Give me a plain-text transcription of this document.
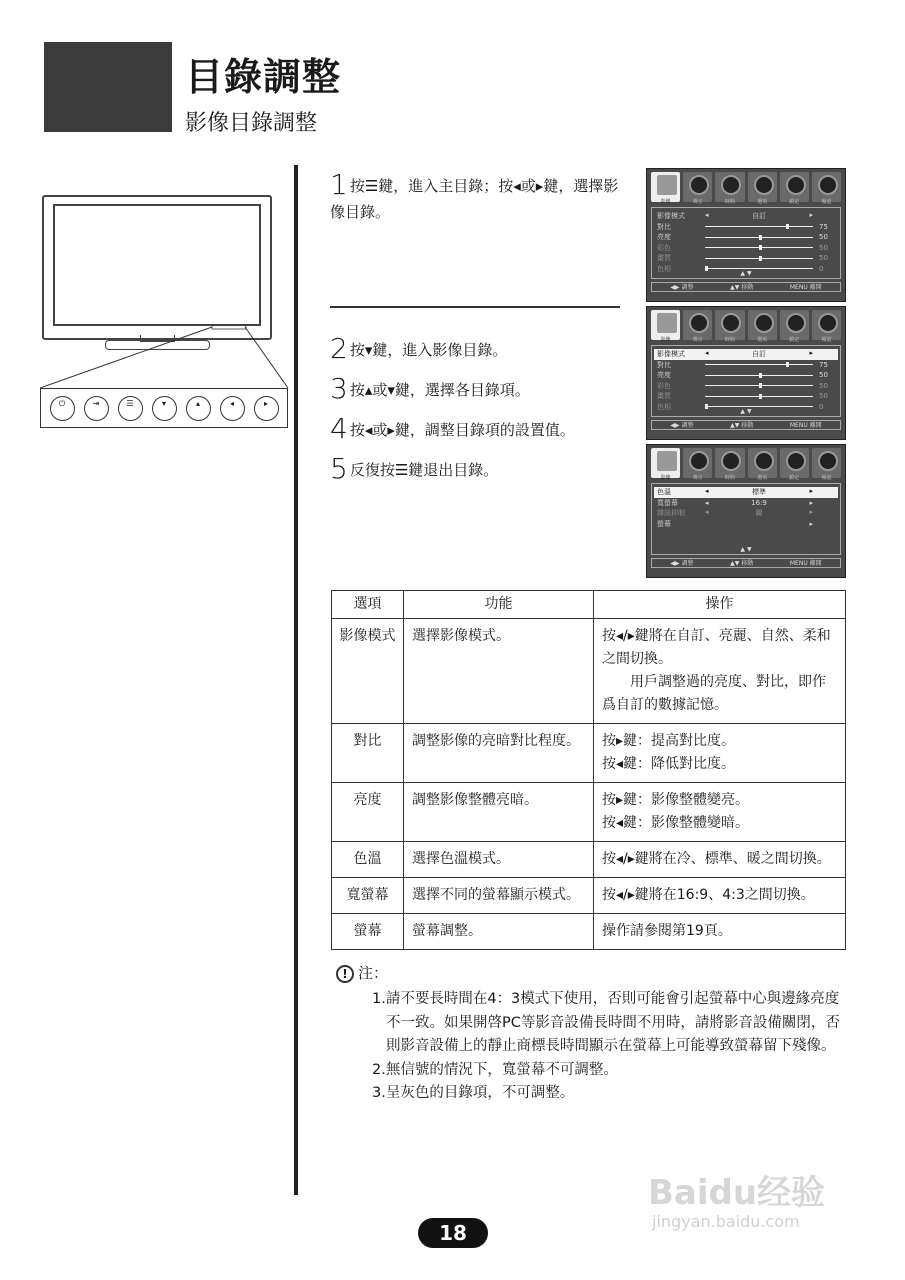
目錄調整
影像目錄調整
⏻	⇥	☰	▾	▴	◂	▸
1 按☰鍵，進入主目錄；按◂或▸鍵，選擇影像目錄。
2 按▾鍵，進入影像目錄。
3 按▴或▾鍵，選擇各目錄項。
4 按◂或▸鍵，調整目錄項的設置值。
5 反復按☰鍵退出目錄。
影像	聲音	時間	選項	鎖定	頻道
影像模式	◂	自訂	▸
對比	75
亮度	50
彩色	50
畫質	50
色相	0
▲ ▼
◀▶ 調整	▲▼ 移動	MENU 離開
影像	聲音	時間	選項	鎖定	頻道
影像模式	◂	自訂	▸
對比	75
亮度	50
彩色	50
畫質	50
色相	0
▲ ▼
◀▶ 調整	▲▼ 移動	MENU 離開
影像	聲音	時間	選項	鎖定	頻道
色溫	◂	標準	▸
寬螢幕	◂	16:9	▸
雜訊抑制	◂	關	▸
螢幕	▸
▲ ▼
◀▶ 調整	▲▼ 移動	MENU 離開
選項	功能	操作
影像模式	選擇影像模式。	按◂/▸鍵將在自訂、亮麗、自然、柔和之間切換。
　　用戶調整過的亮度、對比，即作爲自訂的數據記憶。
對比	調整影像的亮暗對比程度。	按▸鍵：提高對比度。
按◂鍵：降低對比度。
亮度	調整影像整體亮暗。	按▸鍵：影像整體變亮。
按◂鍵：影像整體變暗。
色溫	選擇色溫模式。	按◂/▸鍵將在冷、標準、暖之間切換。
寬螢幕	選擇不同的螢幕顯示模式。	按◂/▸鍵將在16:9、4:3之間切換。
螢幕	螢幕調整。	操作請參閱第19頁。
! 注：

1.請不要長時間在4：3模式下使用，否則可能會引起螢幕中心與邊緣亮度不一致。如果開啓PC等影音設備長時間不用時，請將影音設備關閉，否則影音設備上的靜止商標長時間顯示在螢幕上可能導致螢幕留下殘像。

2.無信號的情況下，寬螢幕不可調整。

3.呈灰色的目錄項，不可調整。

18
Baidu经验
jingyan.baidu.com
